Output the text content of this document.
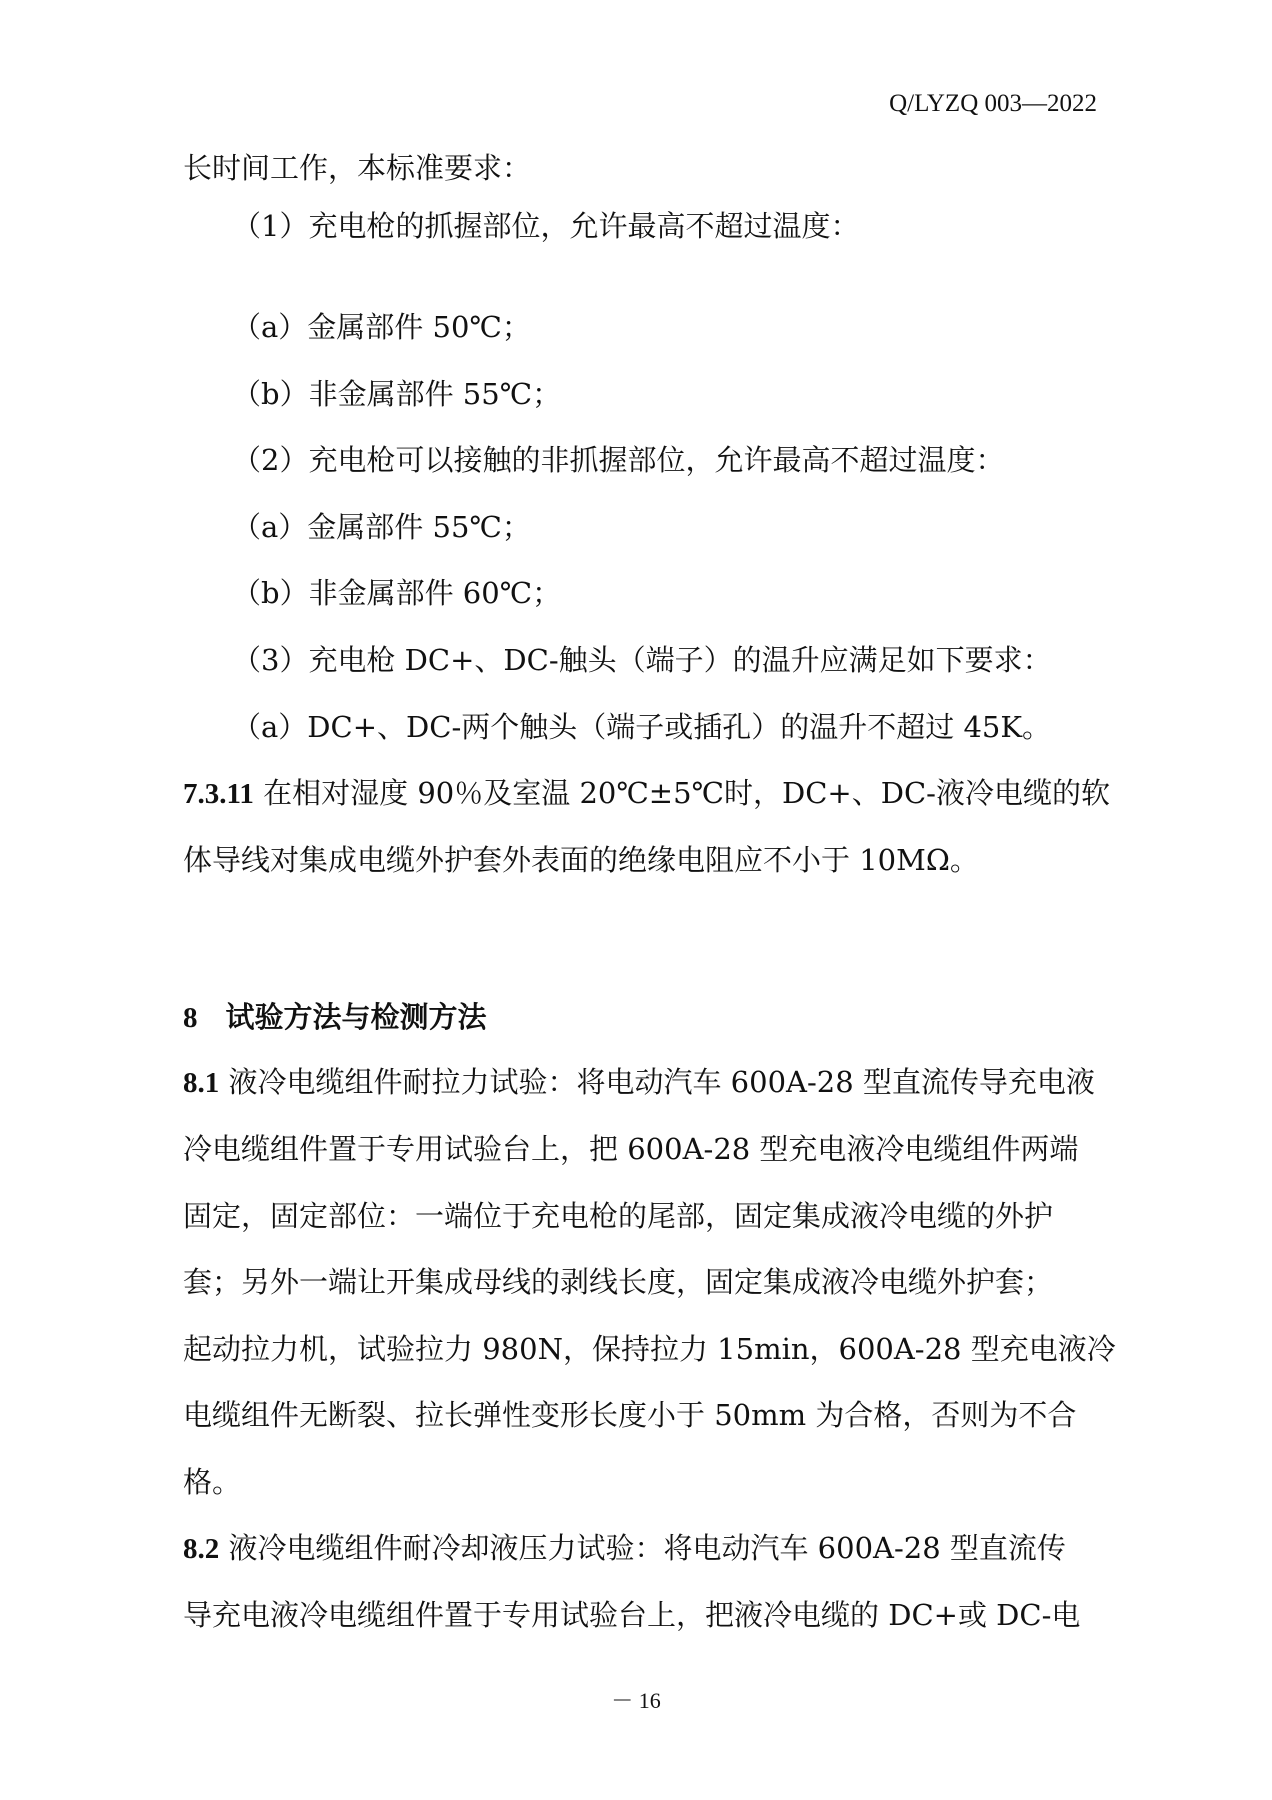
Q/LYZQ 003—2022
长时间工作，本标准要求：
（1）充电枪的抓握部位，允许最高不超过温度：
（a）金属部件 50℃；
（b）非金属部件 55℃；
（2）充电枪可以接触的非抓握部位，允许最高不超过温度：
（a）金属部件 55℃；
（b）非金属部件 60℃；
（3）充电枪 DC+、DC-触头（端子）的温升应满足如下要求：
（a）DC+、DC-两个触头（端子或插孔）的温升不超过 45K。
7.3.11 在相对湿度 90％及室温 20℃±5℃时，DC+、DC-液冷电缆的软
体导线对集成电缆外护套外表面的绝缘电阻应不小于 10MΩ。
8 试验方法与检测方法
8.1 液冷电缆组件耐拉力试验：将电动汽车 600A-28 型直流传导充电液
冷电缆组件置于专用试验台上，把 600A-28 型充电液冷电缆组件两端
固定，固定部位：一端位于充电枪的尾部，固定集成液冷电缆的外护
套；另外一端让开集成母线的剥线长度，固定集成液冷电缆外护套；
起动拉力机，试验拉力 980N，保持拉力 15min，600A-28 型充电液冷
电缆组件无断裂、拉长弹性变形长度小于 50mm 为合格，否则为不合
格。
8.2 液冷电缆组件耐冷却液压力试验：将电动汽车 600A-28 型直流传
导充电液冷电缆组件置于专用试验台上，把液冷电缆的 DC+或 DC-电
－ 16
